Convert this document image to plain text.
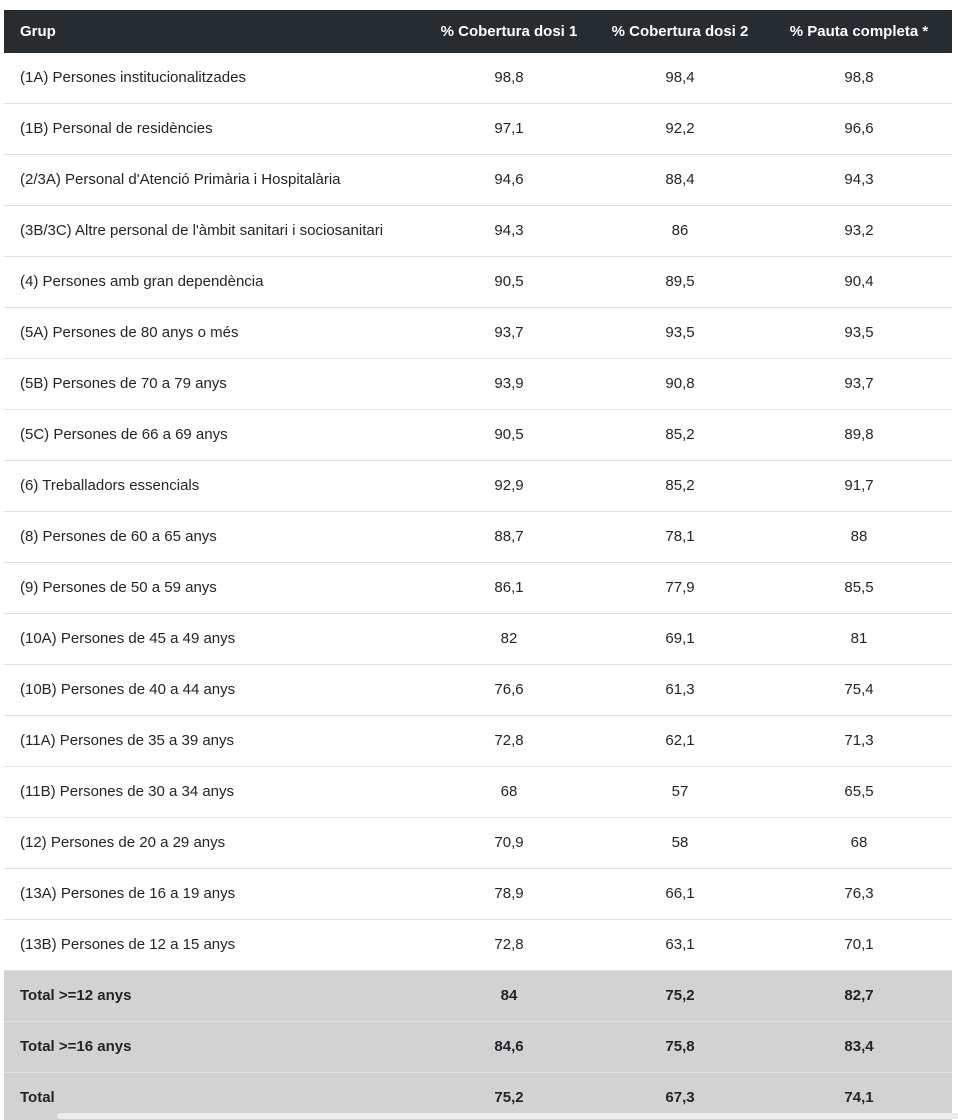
Grup	% Cobertura dosi 1	% Cobertura dosi 2	% Pauta completa *
(1A) Persones institucionalitzades	98,8	98,4	98,8
(1B) Personal de residències	97,1	92,2	96,6
(2/3A) Personal d'Atenció Primària i Hospitalària	94,6	88,4	94,3
(3B/3C) Altre personal de l'àmbit sanitari i sociosanitari	94,3	86	93,2
(4) Persones amb gran dependència	90,5	89,5	90,4
(5A) Persones de 80 anys o més	93,7	93,5	93,5
(5B) Persones de 70 a 79 anys	93,9	90,8	93,7
(5C) Persones de 66 a 69 anys	90,5	85,2	89,8
(6) Treballadors essencials	92,9	85,2	91,7
(8) Persones de 60 a 65 anys	88,7	78,1	88
(9) Persones de 50 a 59 anys	86,1	77,9	85,5
(10A) Persones de 45 a 49 anys	82	69,1	81
(10B) Persones de 40 a 44 anys	76,6	61,3	75,4
(11A) Persones de 35 a 39 anys	72,8	62,1	71,3
(11B) Persones de 30 a 34 anys	68	57	65,5
(12) Persones de 20 a 29 anys	70,9	58	68
(13A) Persones de 16 a 19 anys	78,9	66,1	76,3
(13B) Persones de 12 a 15 anys	72,8	63,1	70,1
Total >=12 anys	84	75,2	82,7
Total >=16 anys	84,6	75,8	83,4
Total	75,2	67,3	74,1
